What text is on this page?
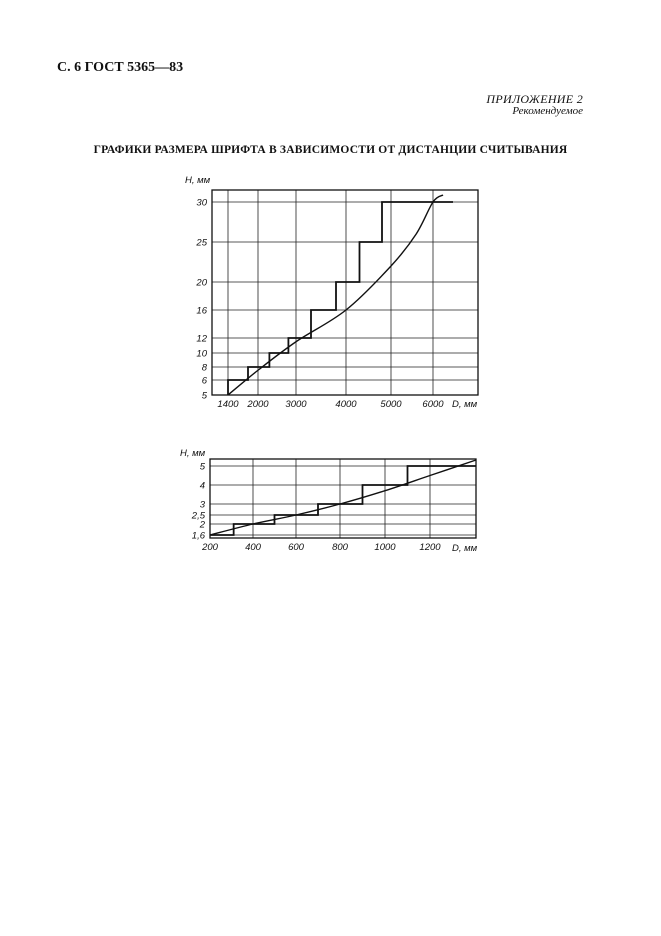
С. 6 ГОСТ 5365—83
ПРИЛОЖЕНИЕ 2
Рекомендуемое
ГРАФИКИ РАЗМЕРА ШРИФТА В ЗАВИСИМОСТИ ОТ ДИСТАНЦИИ СЧИТЫВАНИЯ
1400 2000 3000	4000	5000 6000
5
6
8
10
12
16
20
25
30
D, мм
H, мм
200	400	600	800	1000	1200
1,6
2
2,5
3
4
5
D, мм
H, мм
